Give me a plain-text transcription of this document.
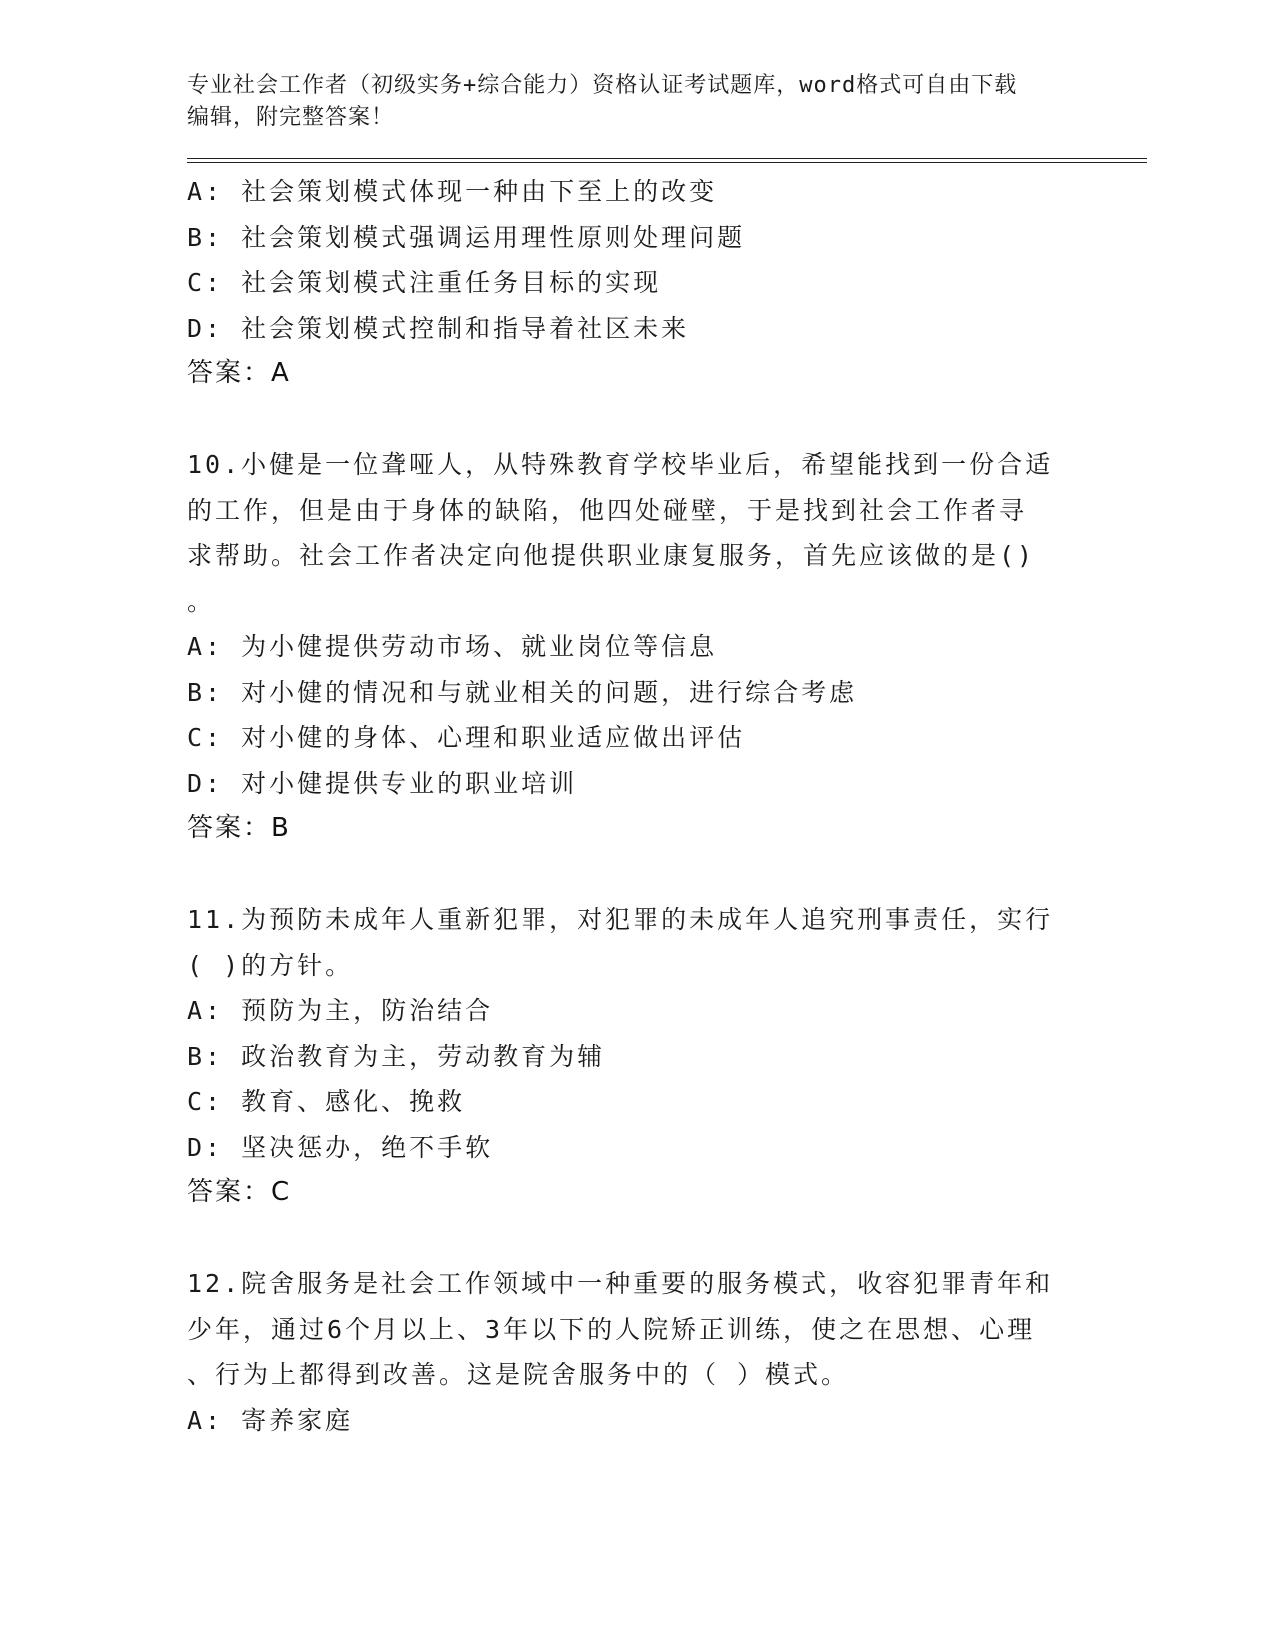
专业社会工作者（初级实务+综合能力）资格认证考试题库，word格式可自由下载
编辑，附完整答案！
A: 社会策划模式体现一种由下至上的改变
B: 社会策划模式强调运用理性原则处理问题
C: 社会策划模式注重任务目标的实现
D: 社会策划模式控制和指导着社区未来
答案：A
10.小健是一位聋哑人，从特殊教育学校毕业后，希望能找到一份合适
的工作，但是由于身体的缺陷，他四处碰壁，于是找到社会工作者寻
求帮助。社会工作者决定向他提供职业康复服务，首先应该做的是()
。
A: 为小健提供劳动市场、就业岗位等信息
B: 对小健的情况和与就业相关的问题，进行综合考虑
C: 对小健的身体、心理和职业适应做出评估
D: 对小健提供专业的职业培训
答案：B
11.为预防未成年人重新犯罪，对犯罪的未成年人追究刑事责任，实行
( )的方针。
A: 预防为主，防治结合
B: 政治教育为主，劳动教育为辅
C: 教育、感化、挽救
D: 坚决惩办，绝不手软
答案：C
12.院舍服务是社会工作领域中一种重要的服务模式，收容犯罪青年和
少年，通过6个月以上、3年以下的人院矫正训练，使之在思想、心理
、行为上都得到改善。这是院舍服务中的（ ）模式。
A: 寄养家庭
